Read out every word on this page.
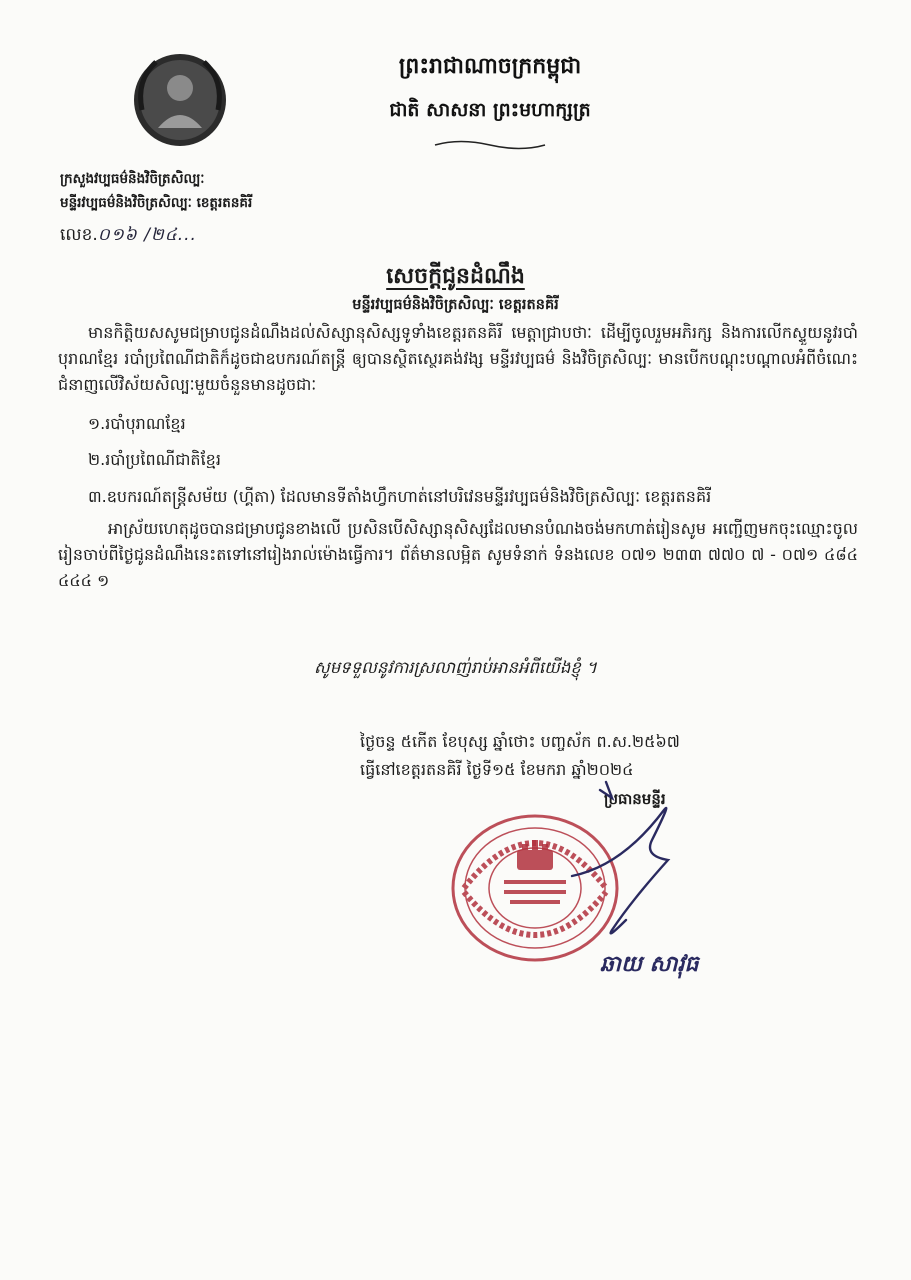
ព្រះរាជាណាចក្រកម្ពុជា
ជាតិ សាសនា ព្រះមហាក្សត្រ
ក្រសួងវប្បធម៌និងវិចិត្រសិល្បៈ
មន្ទីរវប្បធម៌និងវិចិត្រសិល្បៈ ខេត្តរតនគិរី
លេខ.០១៦ /២៤...
សេចក្តីជូនដំណឹង
មន្ទីរវប្បធម៌និងវិចិត្រសិល្បៈ ខេត្តរតនគិរី

មានកិត្តិយសសូមជម្រាបជូនដំណឹងដល់សិស្សានុសិស្សទូទាំងខេត្តរតនគិរី មេត្តាជ្រាបថាៈ ដើម្បីចូលរួមអភិរក្ស និងការលើកស្ទួយនូវរបាំបុរាណខ្មែរ របាំប្រពៃណីជាតិក៏ដូចជាឧបករណ៍តន្ត្រី ឲ្យបានស្ថិតស្ថេរគង់វង្ស មន្ទីរវប្បធម៌ និងវិចិត្រសិល្បៈ មានបើកបណ្តុះបណ្តាលអំពីចំណេះជំនាញលើវិស័យសិល្បៈមួយចំនួនមានដូចជាៈ

១.របាំបុរាណខ្មែរ
២.របាំប្រពៃណីជាតិខ្មែរ
៣.ឧបករណ៍តន្ត្រីសម័យ (ហ្គីតា) ដែលមានទីតាំងហ្វឹកហាត់នៅបរិវេនមន្ទីរវប្បធម៌និងវិចិត្រសិល្បៈ ខេត្តរតនគិរី

អាស្រ័យហេតុដូចបានជម្រាបជូនខាងលើ ប្រសិនបើសិស្សានុសិស្សដែលមានបំណងចង់មកហាត់រៀនសូម អញ្ជើញមកចុះឈ្មោះចូលរៀនចាប់ពីថ្ងៃជូនដំណឹងនេះតទៅនៅរៀងរាល់ម៉ោងធ្វើការ។ ព័ត៌មានលម្អិត សូមទំនាក់ ទំនងលេខ ០៧១ ២៣៣ ៧៧០ ៧ - ០៧១ ៤៨៤ ៤៤៤ ១

សូមទទួលនូវការស្រលាញ់រាប់អានអំពីយើងខ្ញុំ ។
ថ្ងៃចន្ទ ៥កើត ខែបុស្ស ឆ្នាំថោះ បញ្ចស័ក ព.ស.២៥៦៧
ធ្វើនៅខេត្តរតនគិរី ថ្ងៃទី១៥ ខែមករា ឆ្នាំ២០២៤
ប្រធានមន្ទីរ
ឆាយ សាវុធ
